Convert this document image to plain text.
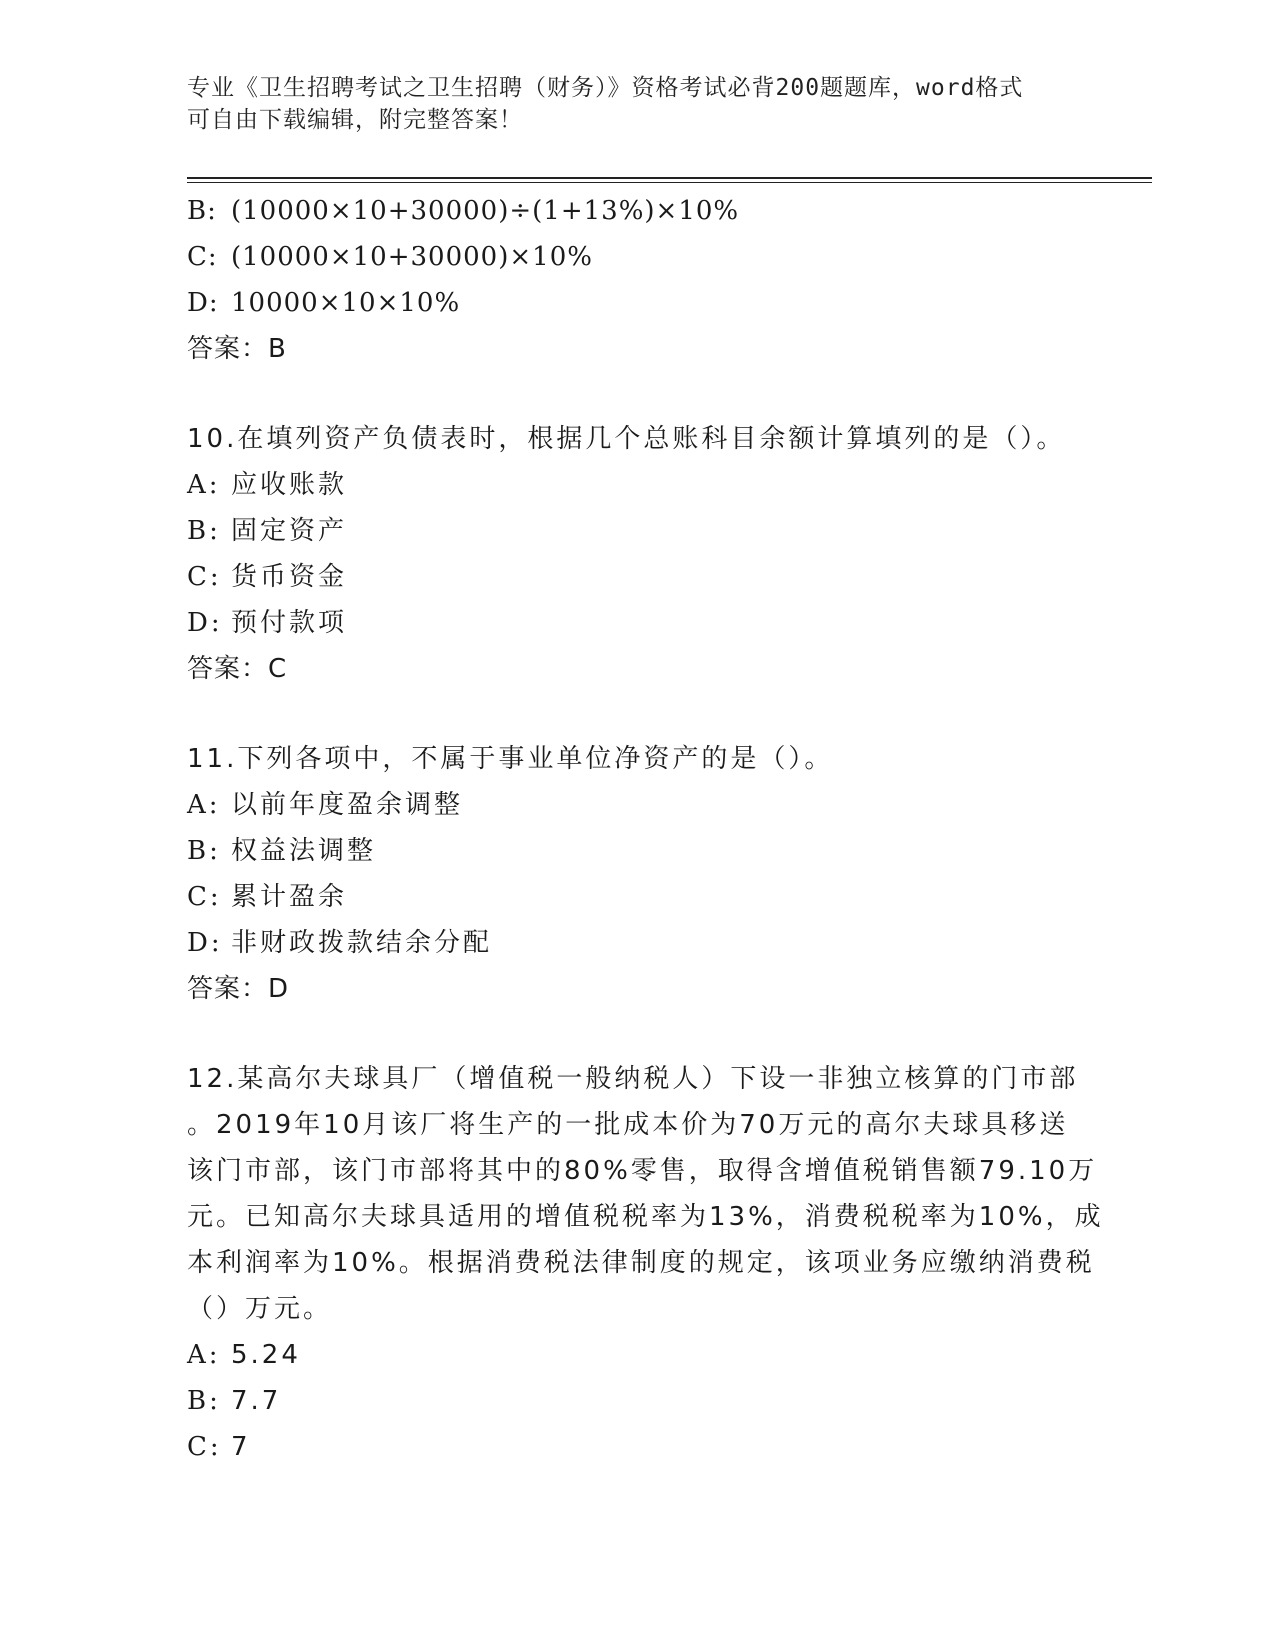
专业《卫生招聘考试之卫生招聘（财务）》资格考试必背200题题库，word格式
可自由下载编辑，附完整答案！
B: (10000×10+30000)÷(1+13%)×10%
C: (10000×10+30000)×10%
D: 10000×10×10%
答案：B
10.在填列资产负债表时，根据几个总账科目余额计算填列的是（）。
A: 应收账款
B: 固定资产
C: 货币资金
D: 预付款项
答案：C
11.下列各项中，不属于事业单位净资产的是（）。
A: 以前年度盈余调整
B: 权益法调整
C: 累计盈余
D: 非财政拨款结余分配
答案：D
12.某高尔夫球具厂（增值税一般纳税人）下设一非独立核算的门市部
。2019年10月该厂将生产的一批成本价为70万元的高尔夫球具移送
该门市部，该门市部将其中的80%零售，取得含增值税销售额79.10万
元。已知高尔夫球具适用的增值税税率为13%，消费税税率为10%，成
本利润率为10%。根据消费税法律制度的规定，该项业务应缴纳消费税
（）万元。
A: 5.24
B: 7.7
C: 7
